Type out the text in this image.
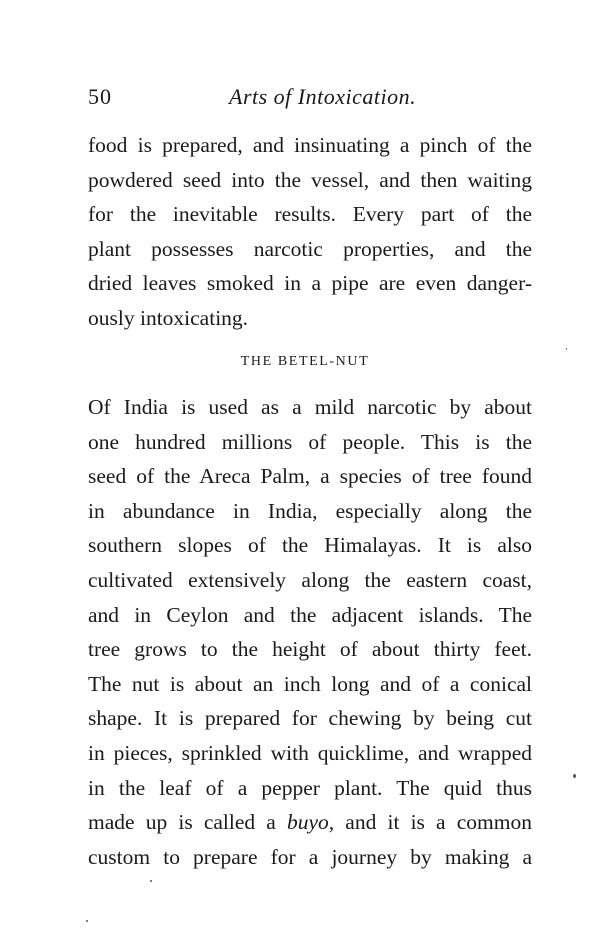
50	Arts of Intoxication.
food is prepared, and insinuating a pinch of the
powdered seed into the vessel, and then waiting
for the inevitable results. Every part of the
plant possesses narcotic properties, and the
dried leaves smoked in a pipe are even danger-
ously intoxicating.
THE BETEL-NUT
Of India is used as a mild narcotic by about
one hundred millions of people. This is the
seed of the Areca Palm, a species of tree found
in abundance in India, especially along the
southern slopes of the Himalayas. It is also
cultivated extensively along the eastern coast,
and in Ceylon and the adjacent islands. The
tree grows to the height of about thirty feet.
The nut is about an inch long and of a conical
shape. It is prepared for chewing by being cut
in pieces, sprinkled with quicklime, and wrapped
in the leaf of a pepper plant. The quid thus
made up is called a buyo, and it is a common
custom to prepare for a journey by making a
